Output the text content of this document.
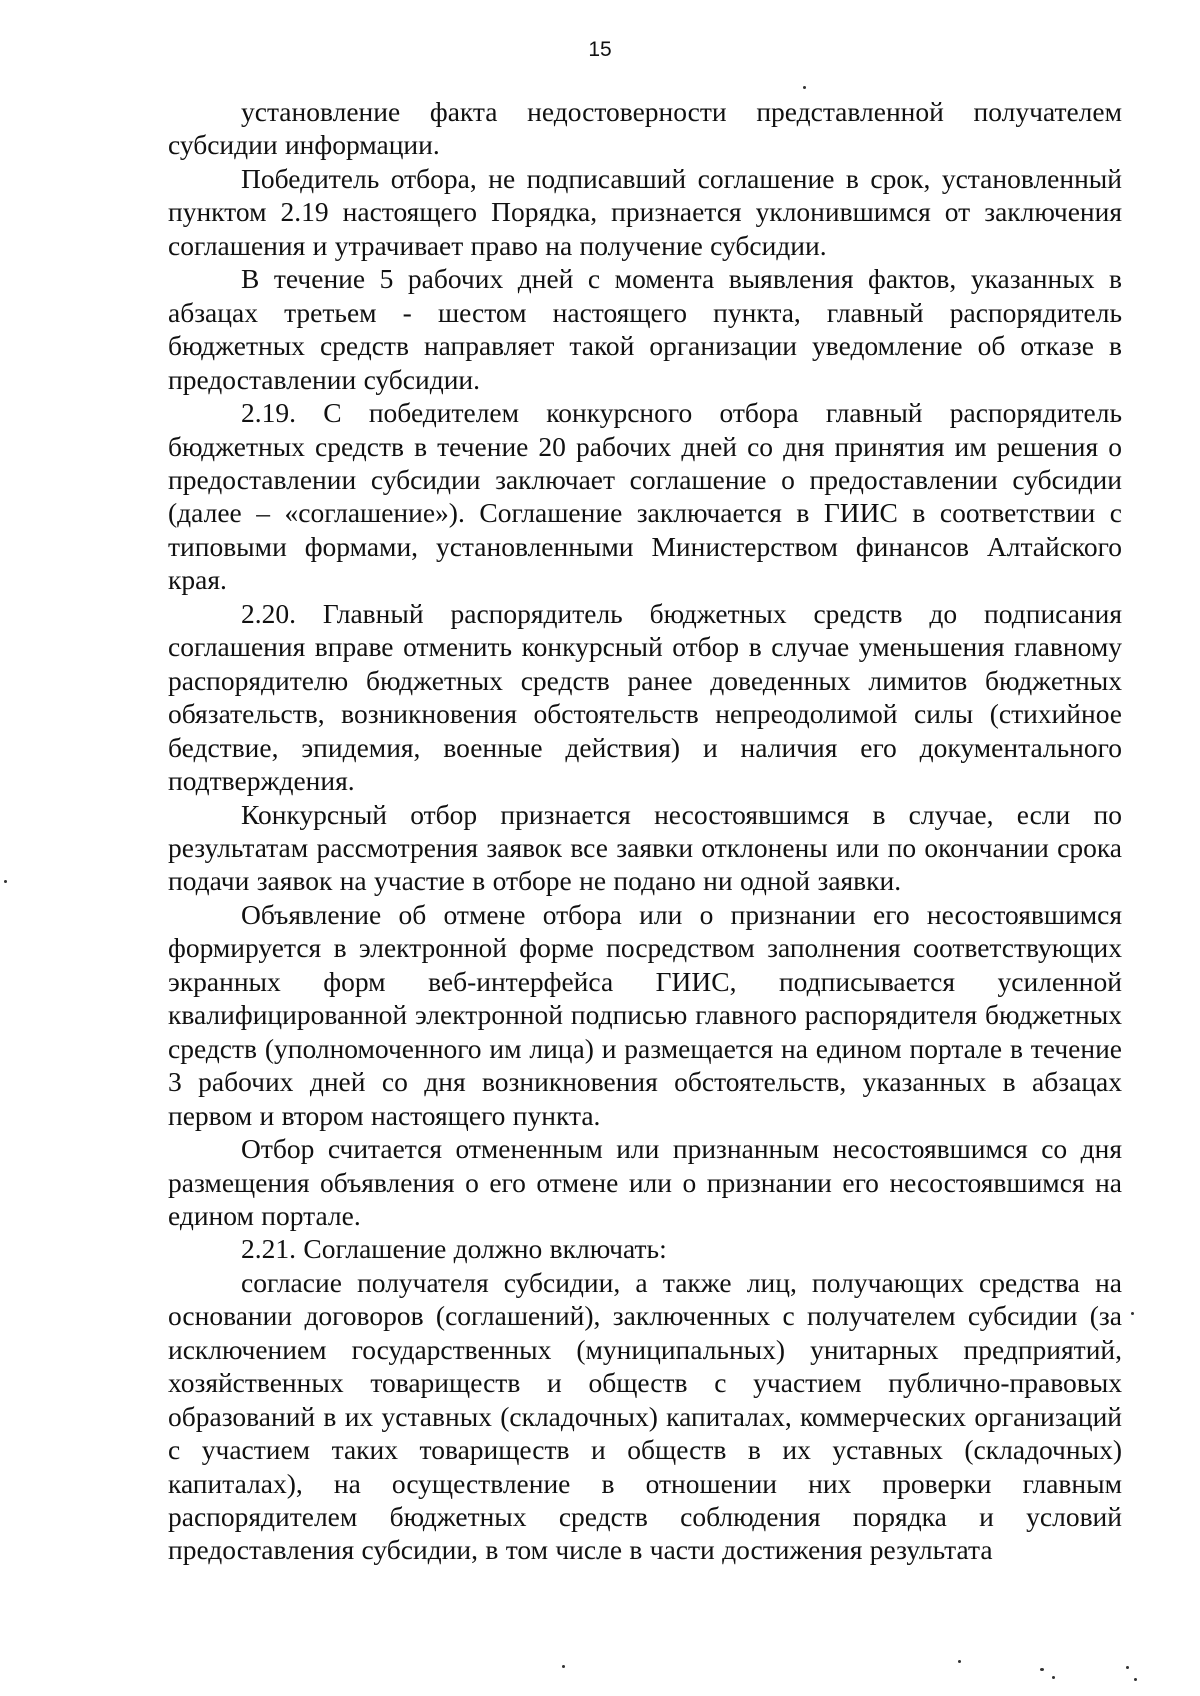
15

установление факта недостоверности представленной получателем субсидии информации.

Победитель отбора, не подписавший соглашение в срок, установленный пунктом 2.19 настоящего Порядка, признается уклонившимся от заключения соглашения и утрачивает право на получение субсидии.

В течение 5 рабочих дней с момента выявления фактов, указанных в абзацах третьем - шестом настоящего пункта, главный распорядитель бюджетных средств направляет такой организации уведомление об отказе в предоставлении субсидии.

2.19. С победителем конкурсного отбора главный распорядитель бюджетных средств в течение 20 рабочих дней со дня принятия им решения о предоставлении субсидии заключает соглашение о предоставлении субсидии (далее – «соглашение»). Соглашение заключается в ГИИС в соответствии с типовыми формами, установленными Министерством финансов Алтайского края.

2.20. Главный распорядитель бюджетных средств до подписания соглашения вправе отменить конкурсный отбор в случае уменьшения главному распорядителю бюджетных средств ранее доведенных лимитов бюджетных обязательств, возникновения обстоятельств непреодолимой силы (стихийное бедствие, эпидемия, военные действия) и наличия его документального подтверждения.

Конкурсный отбор признается несостоявшимся в случае, если по результатам рассмотрения заявок все заявки отклонены или по окончании срока подачи заявок на участие в отборе не подано ни одной заявки.

Объявление об отмене отбора или о признании его несостоявшимся формируется в электронной форме посредством заполнения соответствующих экранных форм веб-интерфейса ГИИС, подписывается усиленной квалифицированной электронной подписью главного распорядителя бюджетных средств (уполномоченного им лица) и размещается на едином портале в течение 3 рабочих дней со дня возникновения обстоятельств, указанных в абзацах первом и втором настоящего пункта.

Отбор считается отмененным или признанным несостоявшимся со дня размещения объявления о его отмене или о признании его несостоявшимся на едином портале.

2.21. Соглашение должно включать:

согласие получателя субсидии, а также лиц, получающих средства на основании договоров (соглашений), заключенных с получателем субсидии (за исключением государственных (муниципальных) унитарных предприятий, хозяйственных товариществ и обществ с участием публично-правовых образований в их уставных (складочных) капиталах, коммерческих организаций с участием таких товариществ и обществ в их уставных (складочных) капиталах), на осуществление в отношении них проверки главным распорядителем бюджетных средств соблюдения порядка и условий предоставления субсидии, в том числе в части достижения результата
